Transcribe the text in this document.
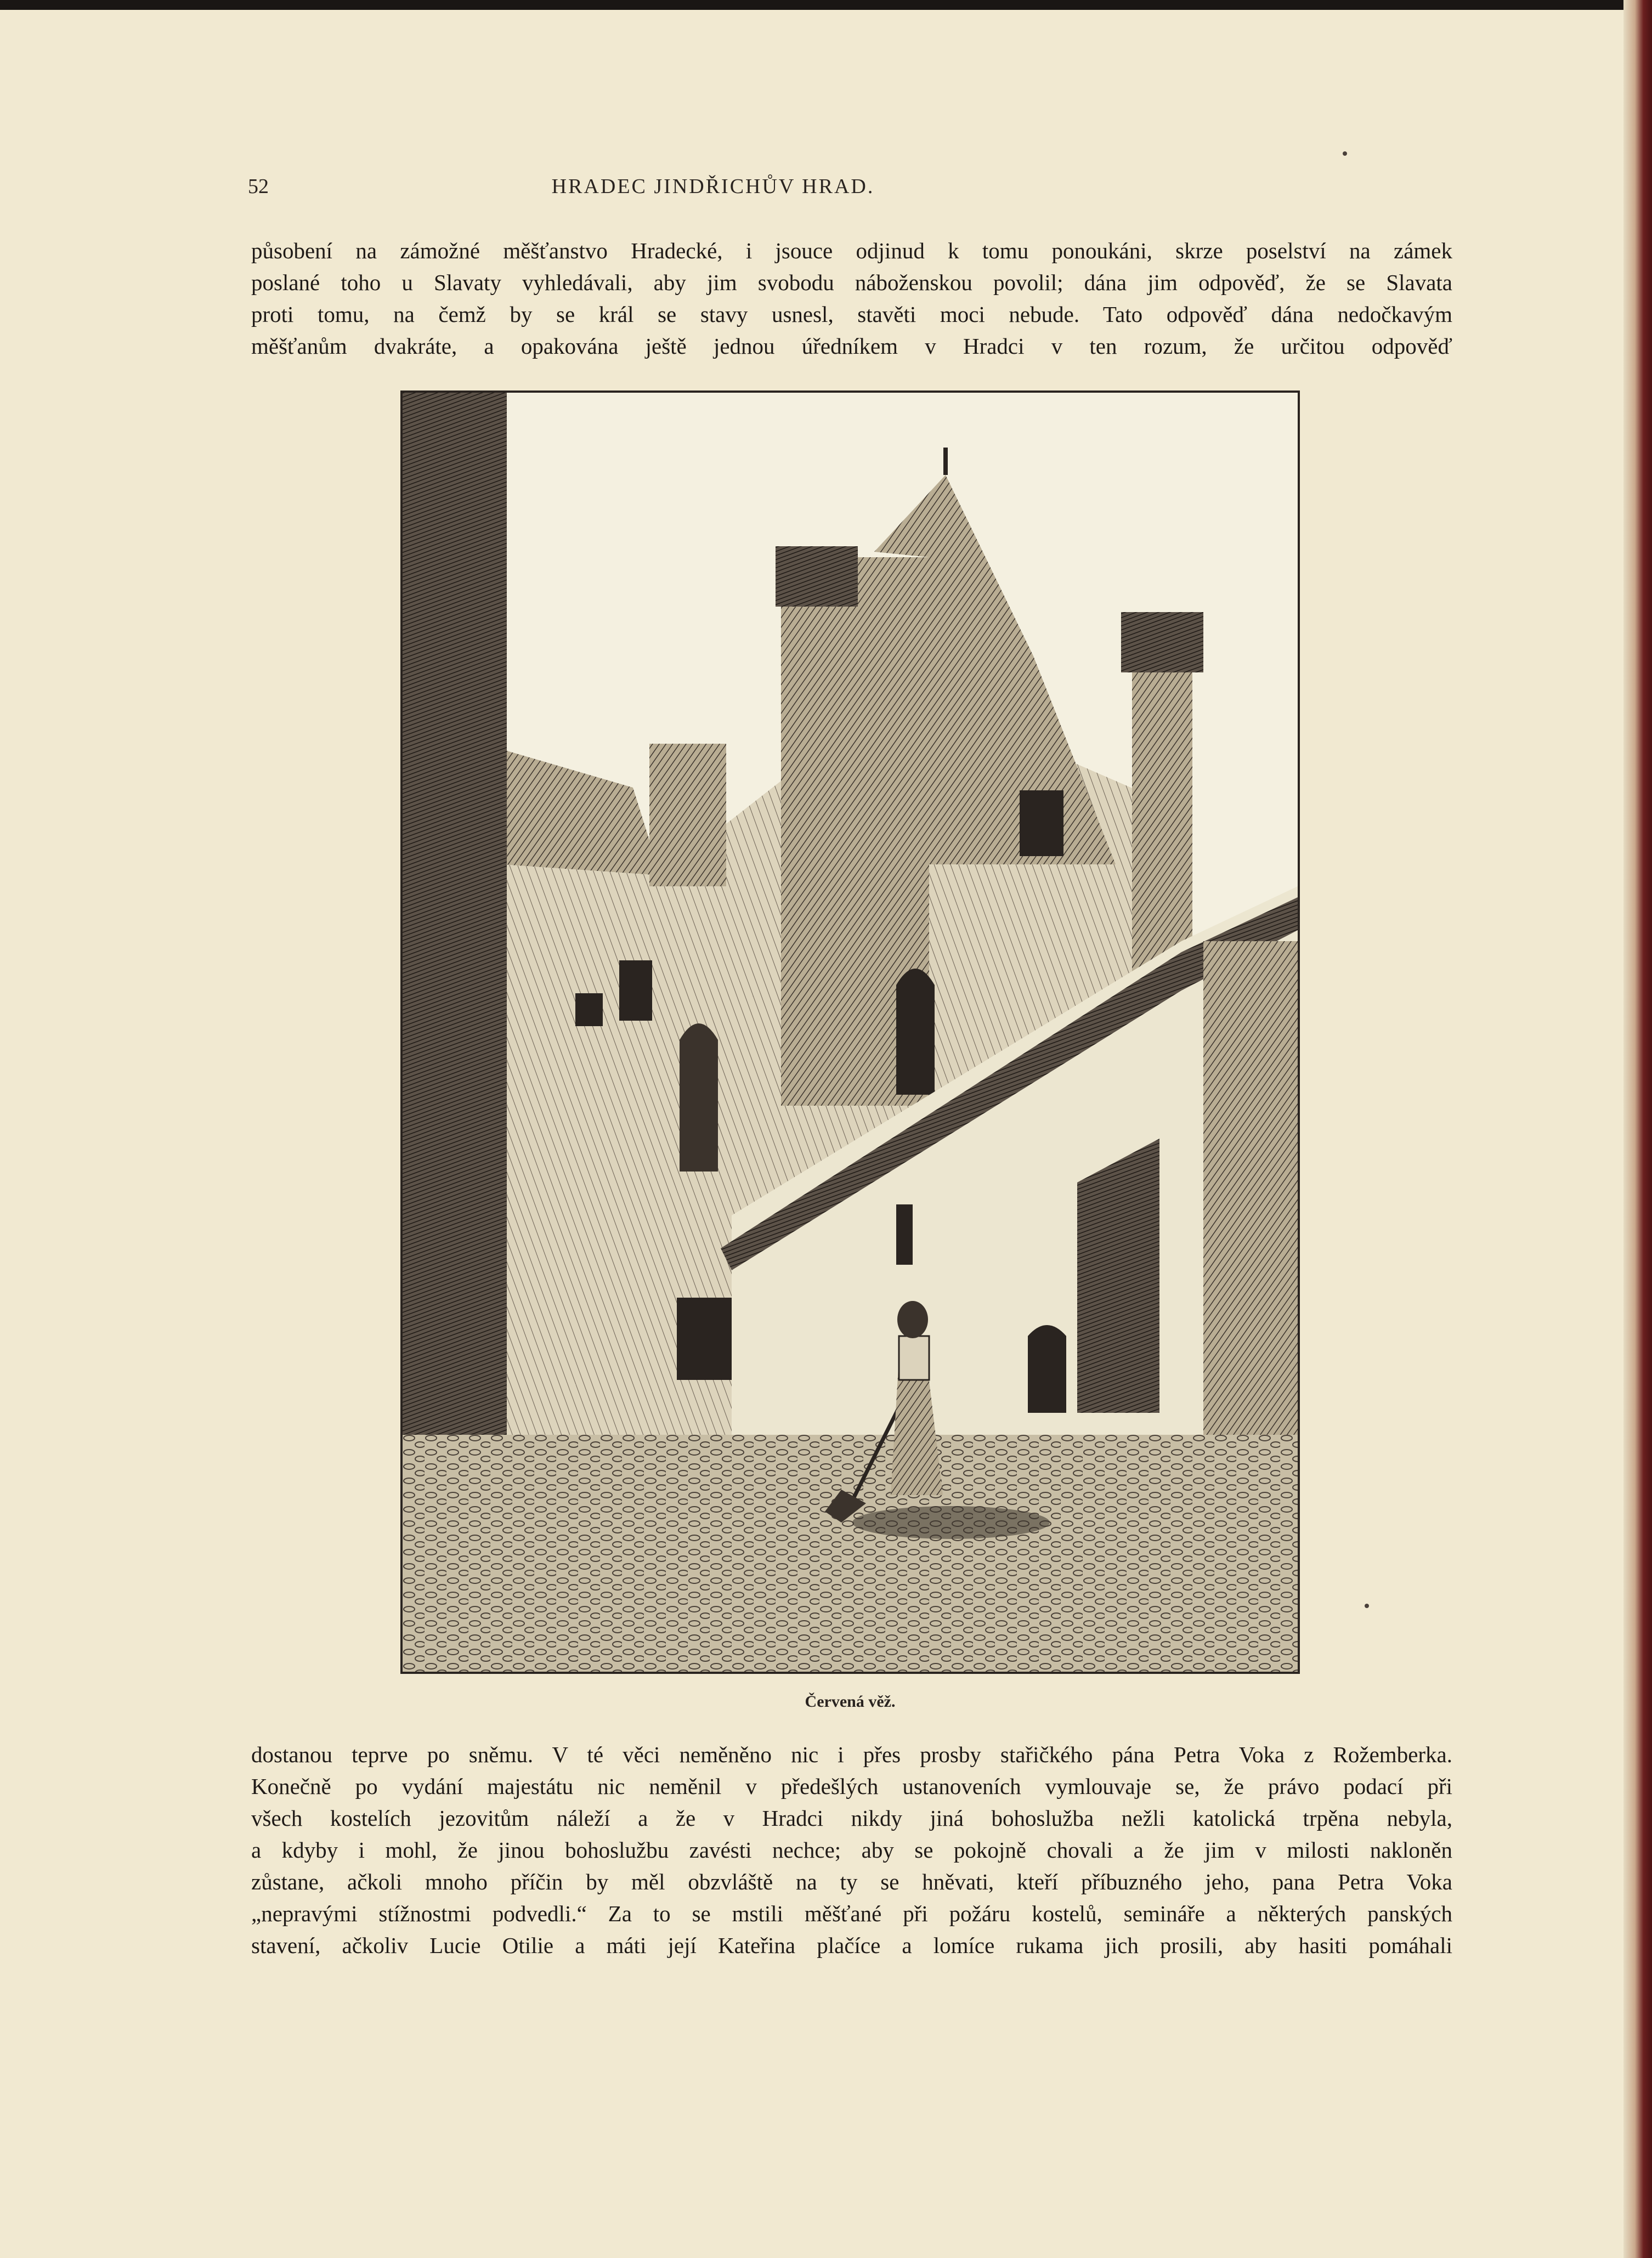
52	HRADEC JINDŘICHŮV HRAD.
působení na zámožné měšťanstvo Hradecké, i jsouce odjinud k tomu ponoukáni, skrze poselství na zámek
poslané toho u Slavaty vyhledávali, aby jim svobodu náboženskou povolil; dána jim odpověď, že se Slavata
proti tomu, na čemž by se král se stavy usnesl, stavěti moci nebude. Tato odpověď dána nedočkavým
měšťanům dvakráte, a opakována ještě jednou úředníkem v Hradci v ten rozum, že určitou odpověď
Červená věž.
dostanou teprve po sněmu. V té věci neměněno nic i přes prosby stařičkého pána Petra Voka z Rožemberka.
Konečně po vydání majestátu nic neměnil v předešlých ustanoveních vymlouvaje se, že právo podací při
všech kostelích jezovitům náleží a že v Hradci nikdy jiná bohoslužba nežli katolická trpěna nebyla,
a kdyby i mohl, že jinou bohoslužbu zavésti nechce; aby se pokojně chovali a že jim v milosti nakloněn
zůstane, ačkoli mnoho příčin by měl obzvláště na ty se hněvati, kteří příbuzného jeho, pana Petra Voka
„nepravými stížnostmi podvedli.“ Za to se mstili měšťané při požáru kostelů, semináře a některých panských
stavení, ačkoliv Lucie Otilie a máti její Kateřina plačíce a lomíce rukama jich prosili, aby hasiti pomáhali
